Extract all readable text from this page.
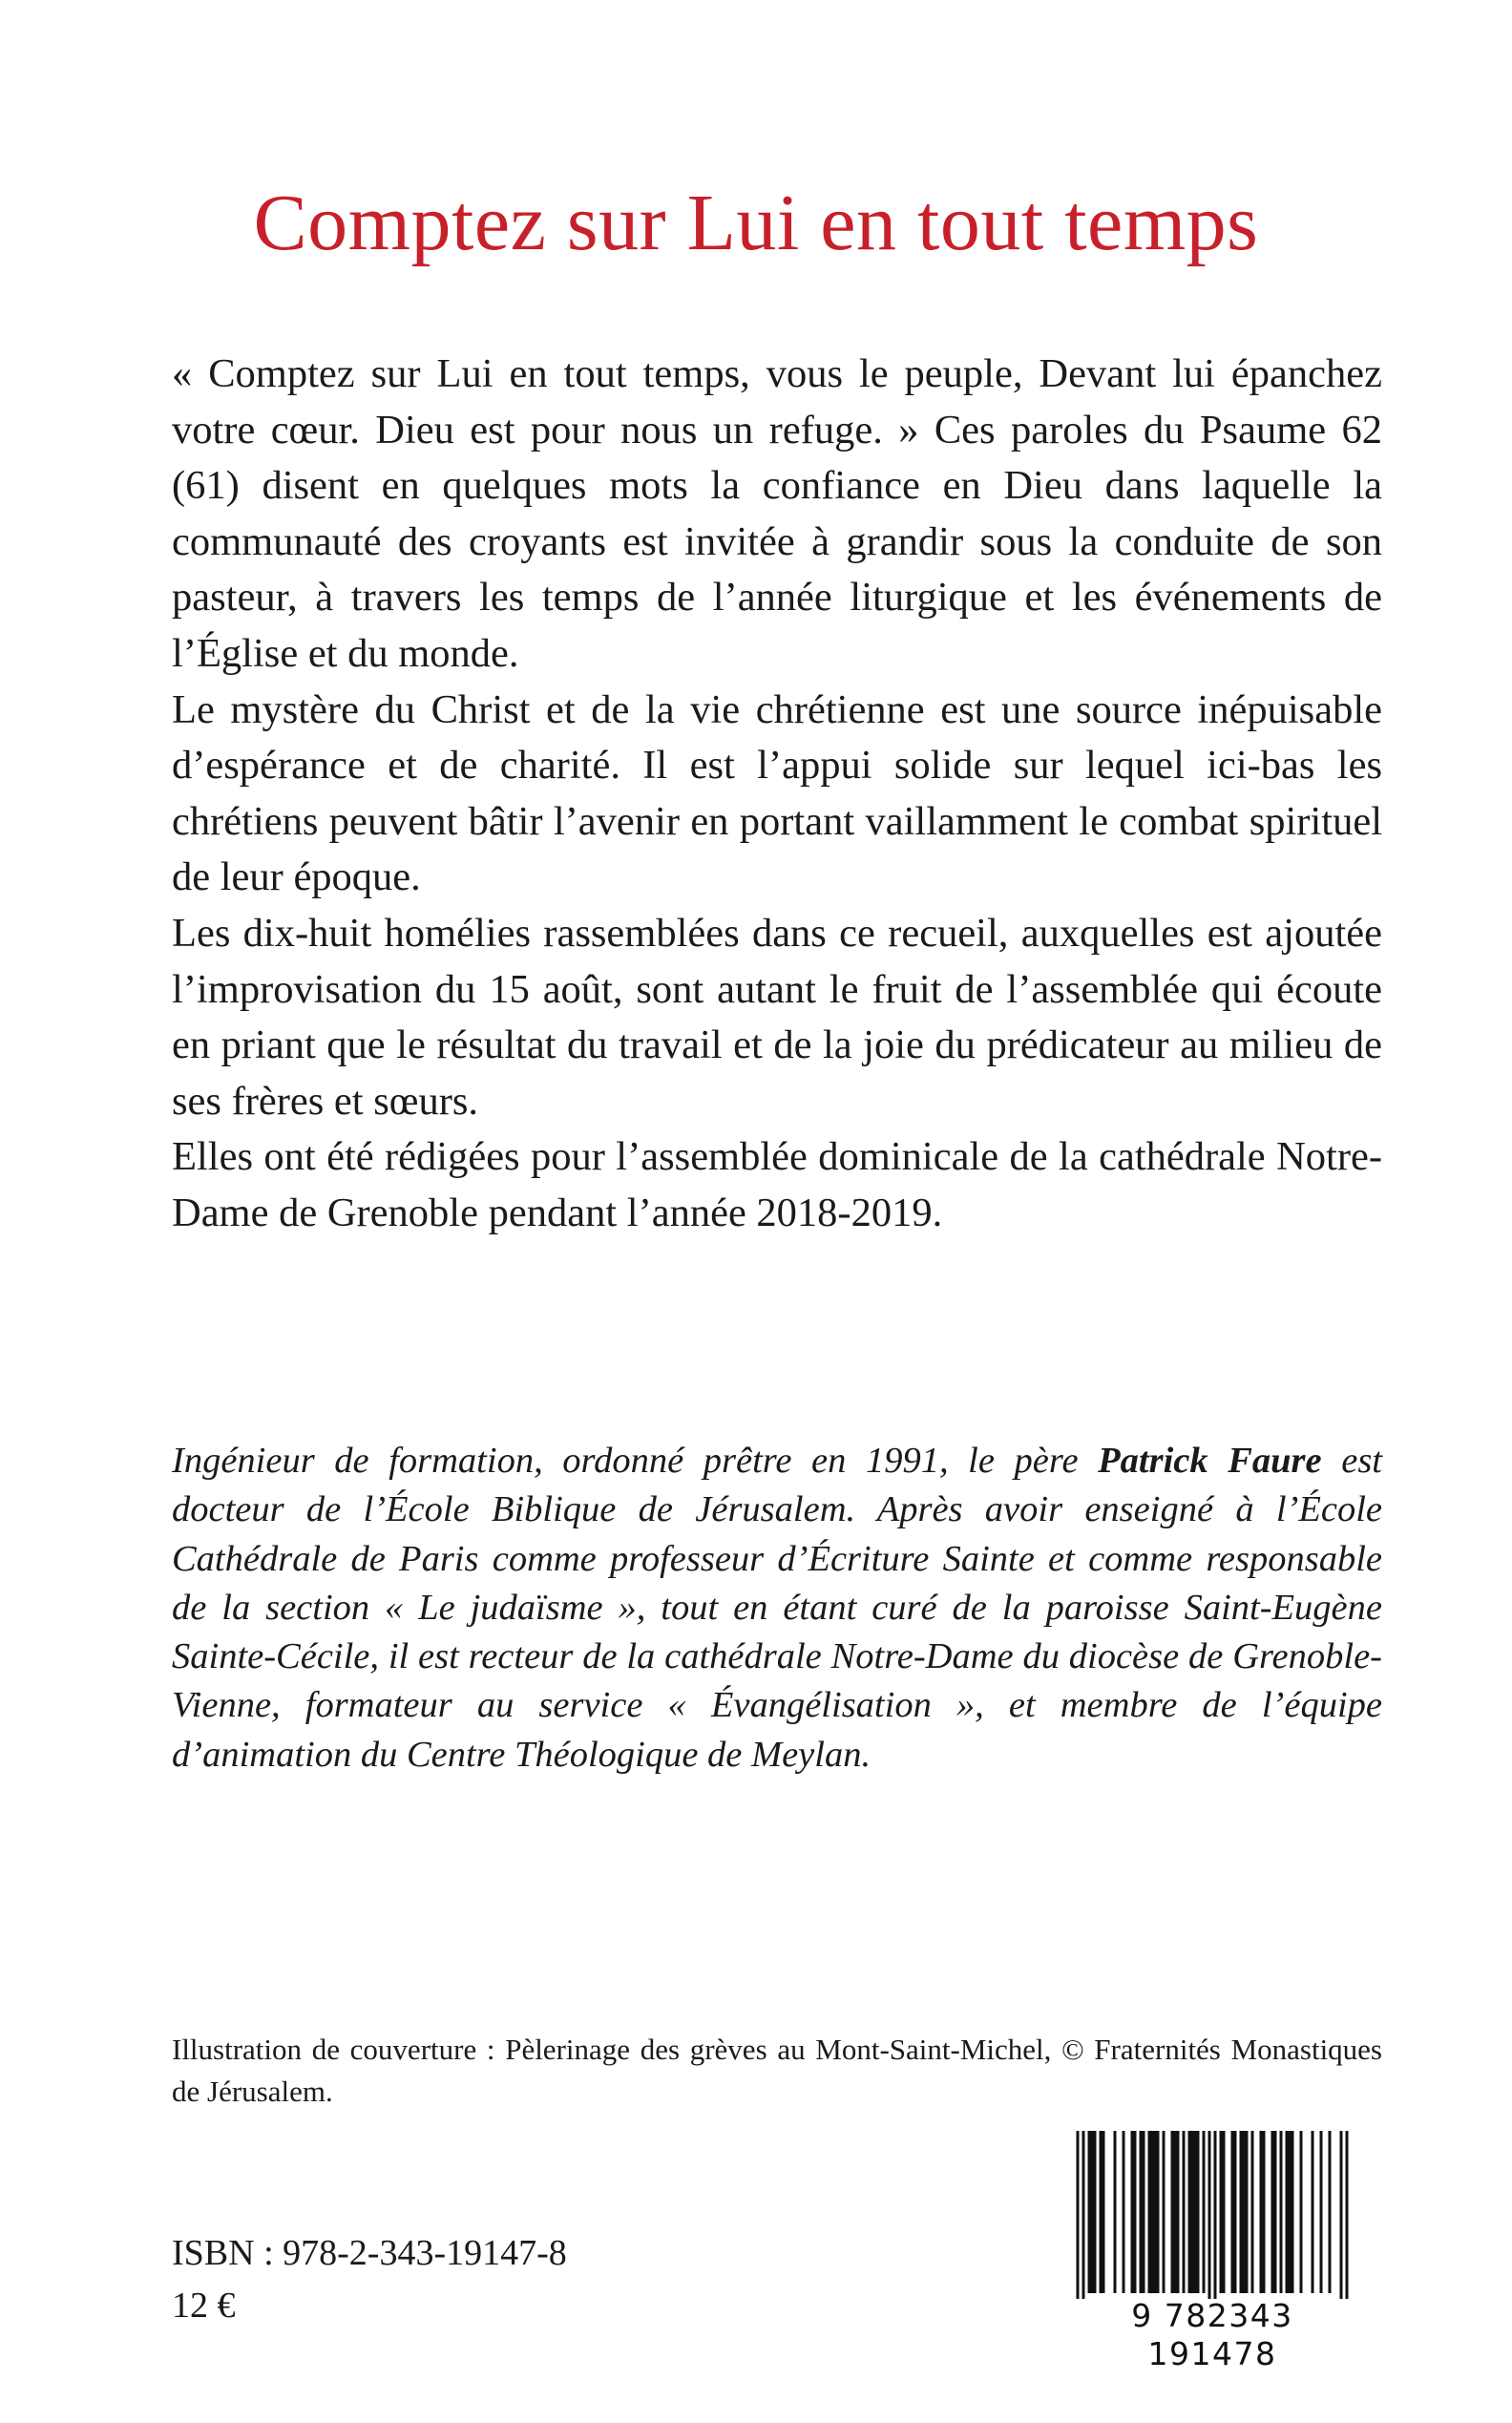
Comptez sur Lui en tout temps

« Comptez sur Lui en tout temps, vous le peuple, Devant lui épanchez votre cœur. Dieu est pour nous un refuge. » Ces paroles du Psaume 62 (61) disent en quelques mots la confiance en Dieu dans laquelle la communauté des croyants est invitée à grandir sous la conduite de son pasteur, à travers les temps de l’année liturgique et les événements de l’Église et du monde.

Le mystère du Christ et de la vie chrétienne est une source inépuisable d’espérance et de charité. Il est l’appui solide sur lequel ici-bas les chrétiens peuvent bâtir l’avenir en portant vaillamment le combat spirituel de leur époque.

Les dix-huit homélies rassemblées dans ce recueil, auxquelles est ajoutée l’improvisation du 15 août, sont autant le fruit de l’assemblée qui écoute en priant que le résultat du travail et de la joie du prédicateur au milieu de ses frères et sœurs.

Elles ont été rédigées pour l’assemblée dominicale de la cathédrale Notre-Dame de Grenoble pendant l’année 2018-2019.

Ingénieur de formation, ordonné prêtre en 1991, le père Patrick Faure est docteur de l’École Biblique de Jérusalem. Après avoir enseigné à l’École Cathédrale de Paris comme professeur d’Écriture Sainte et comme responsable de la section « Le judaïsme », tout en étant curé de la paroisse Saint-Eugène Sainte-Cécile, il est recteur de la cathédrale Notre-Dame du diocèse de Grenoble-Vienne, formateur au service « Évangélisation », et membre de l’équipe d’animation du Centre Théologique de Meylan.
Illustration de couverture : Pèlerinage des grèves au Mont-Saint-Michel, © Fraternités Monastiques de Jérusalem.
ISBN : 978-2-343-19147-8
12 €	9 782343 191478
